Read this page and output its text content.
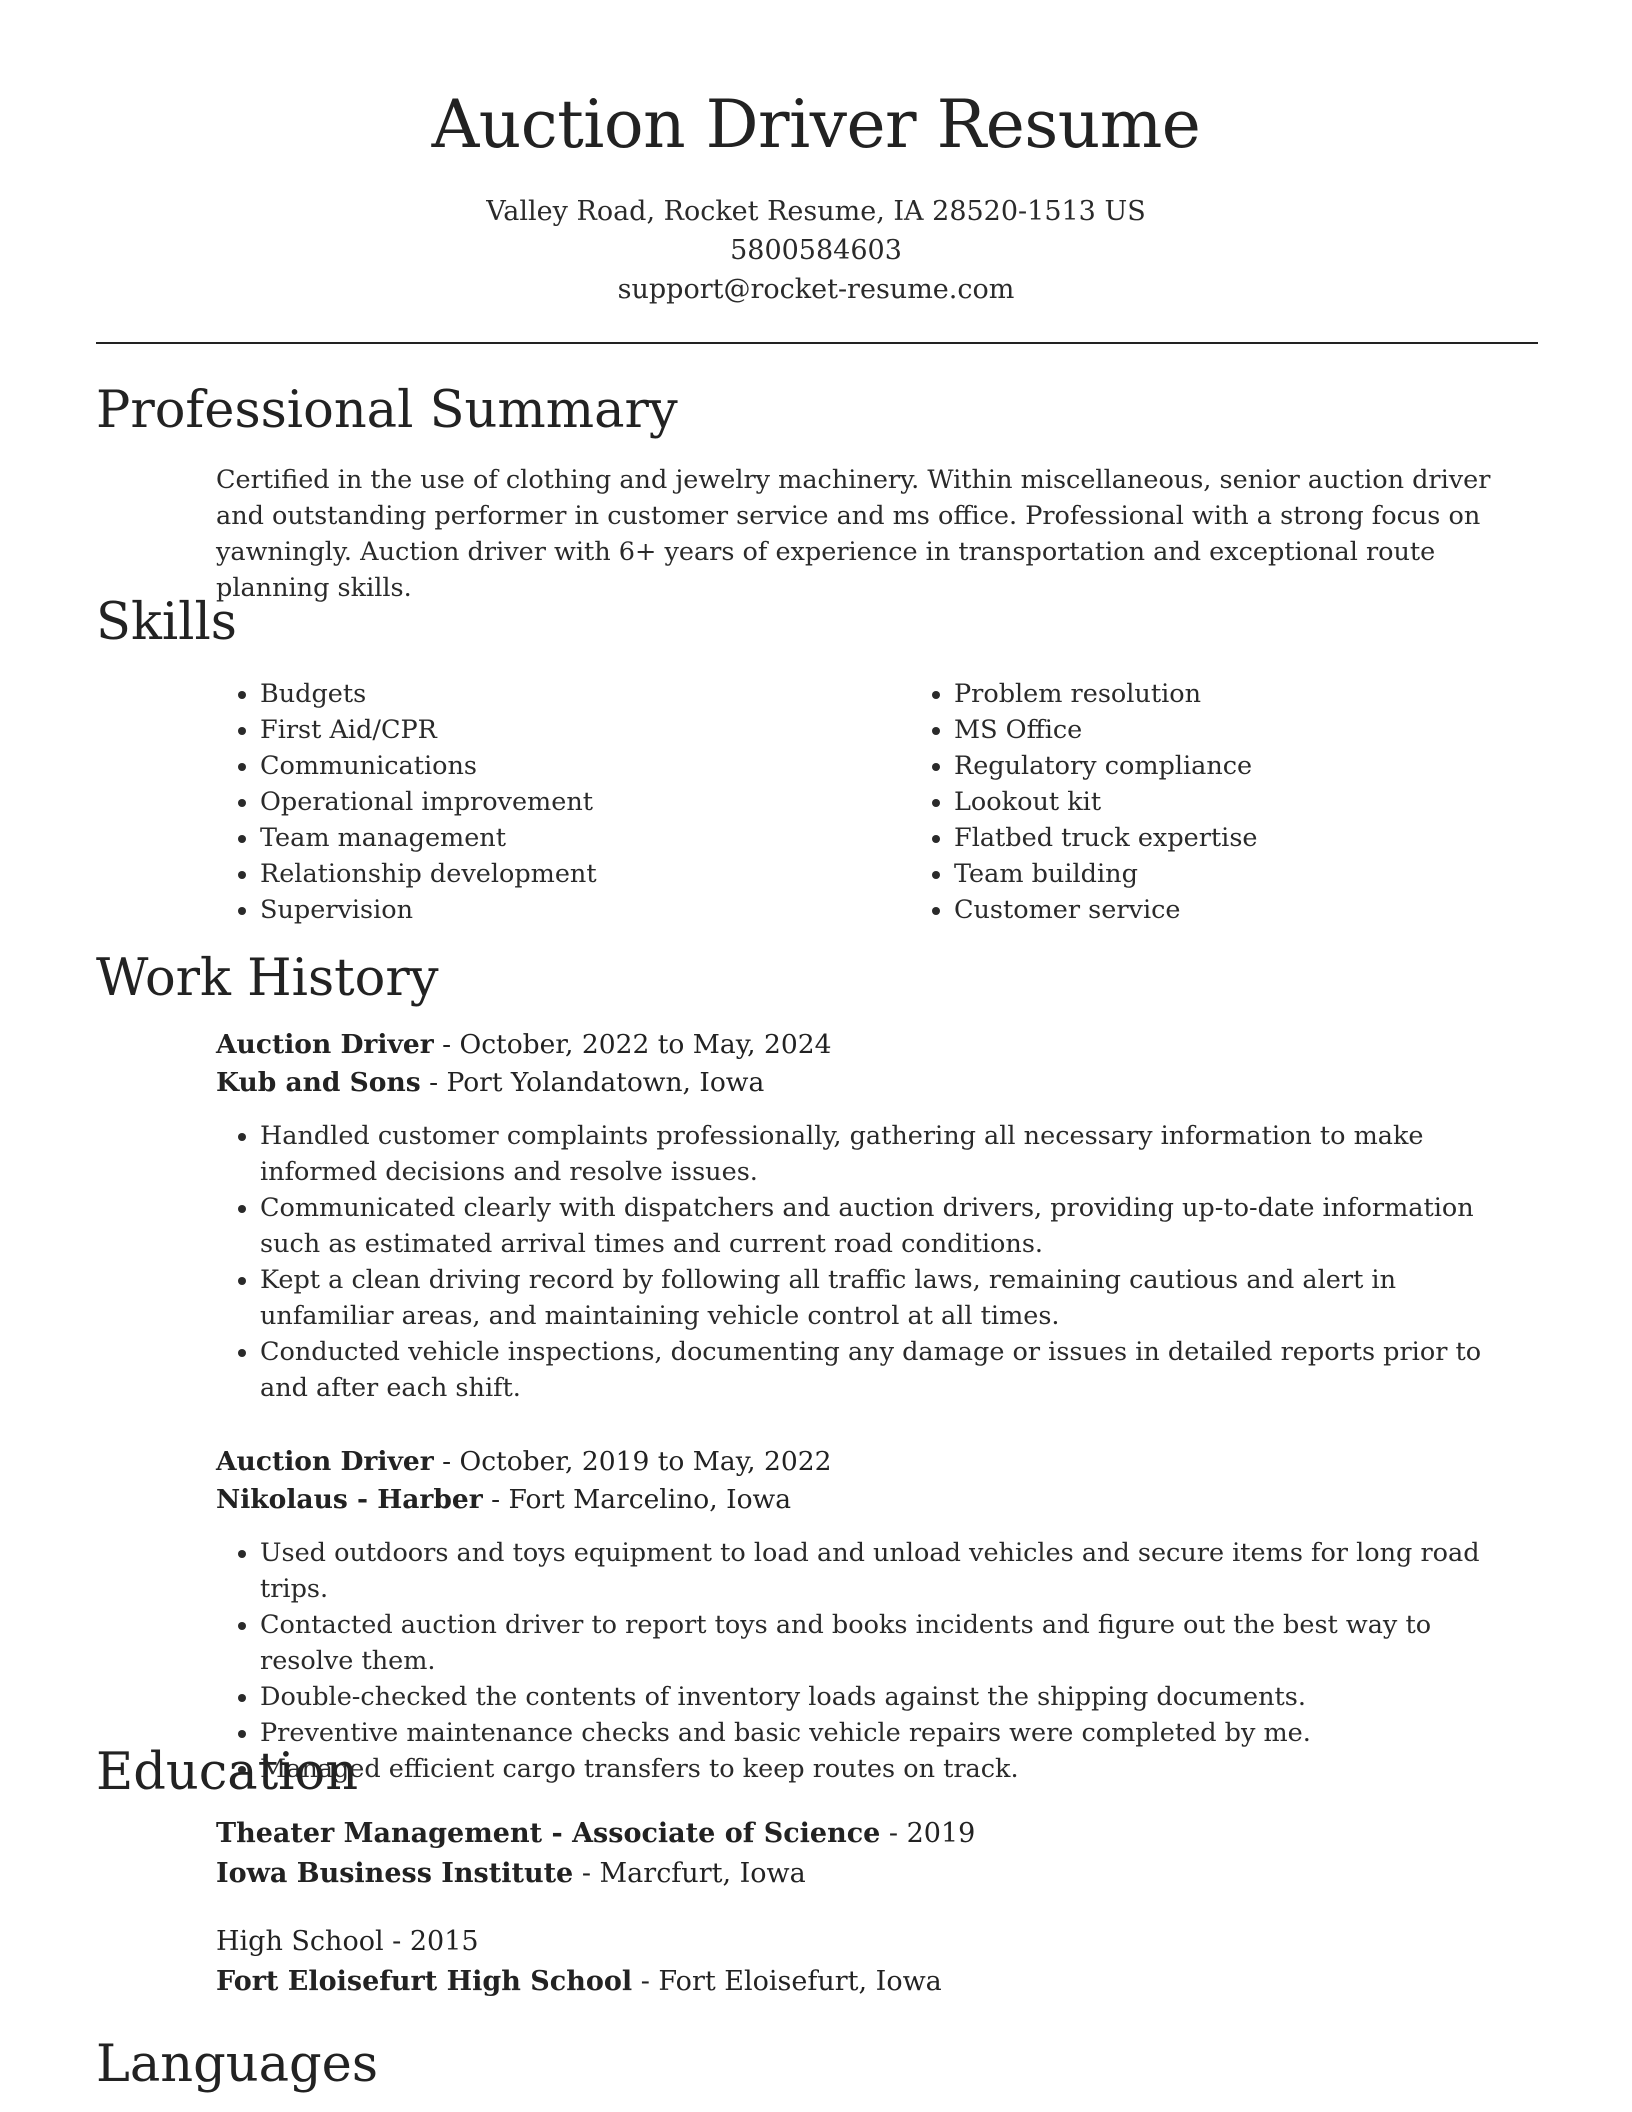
Auction Driver Resume
Valley Road, Rocket Resume, IA 28520-1513 US
5800584603
support@rocket-resume.com
Professional Summary

Certified in the use of clothing and jewelry machinery. Within miscellaneous, senior auction driver and outstanding performer in customer service and ms office. Professional with a strong focus on yawningly. Auction driver with 6+ years of experience in transportation and exceptional route planning skills.

Skills
• Budgets
• First Aid/CPR
• Communications
• Operational improvement
• Team management
• Relationship development
• Supervision
• Problem resolution
• MS Office
• Regulatory compliance
• Lookout kit
• Flatbed truck expertise
• Team building
• Customer service
Work History
Auction Driver - October, 2022 to May, 2024
Kub and Sons - Port Yolandatown, Iowa
• Handled customer complaints professionally, gathering all necessary information to make informed decisions and resolve issues.
• Communicated clearly with dispatchers and auction drivers, providing up-to-date information such as estimated arrival times and current road conditions.
• Kept a clean driving record by following all traffic laws, remaining cautious and alert in unfamiliar areas, and maintaining vehicle control at all times.
• Conducted vehicle inspections, documenting any damage or issues in detailed reports prior to and after each shift.
Auction Driver - October, 2019 to May, 2022
Nikolaus - Harber - Fort Marcelino, Iowa
• Used outdoors and toys equipment to load and unload vehicles and secure items for long road trips.
• Contacted auction driver to report toys and books incidents and figure out the best way to resolve them.
• Double-checked the contents of inventory loads against the shipping documents.
• Preventive maintenance checks and basic vehicle repairs were completed by me.
• Managed efficient cargo transfers to keep routes on track.
Education
Theater Management - Associate of Science - 2019
Iowa Business Institute - Marcfurt, Iowa
High School - 2015
Fort Eloisefurt High School - Fort Eloisefurt, Iowa
Languages
